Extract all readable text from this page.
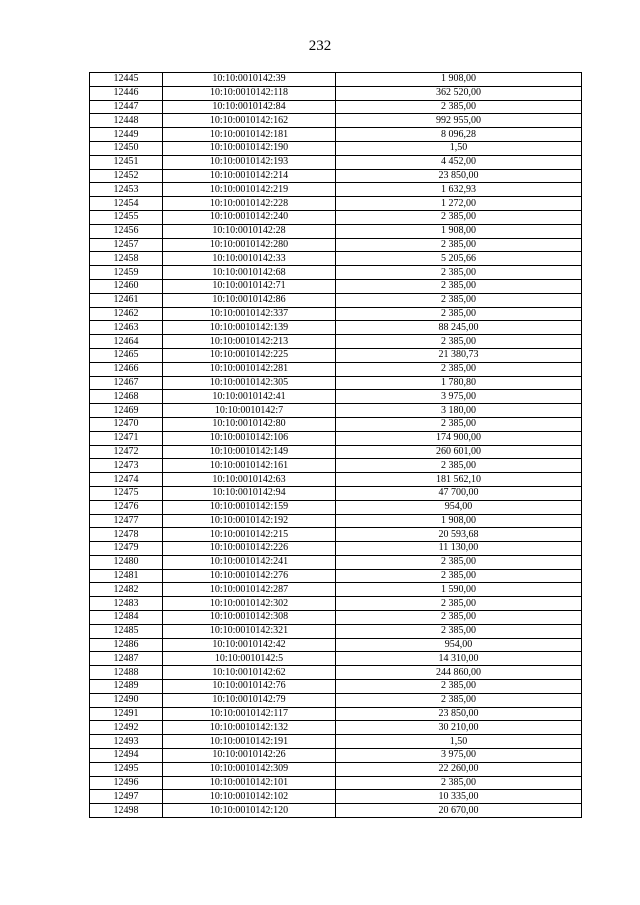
232
12445	10:10:0010142:39	1 908,00
12446	10:10:0010142:118	362 520,00
12447	10:10:0010142:84	2 385,00
12448	10:10:0010142:162	992 955,00
12449	10:10:0010142:181	8 096,28
12450	10:10:0010142:190	1,50
12451	10:10:0010142:193	4 452,00
12452	10:10:0010142:214	23 850,00
12453	10:10:0010142:219	1 632,93
12454	10:10:0010142:228	1 272,00
12455	10:10:0010142:240	2 385,00
12456	10:10:0010142:28	1 908,00
12457	10:10:0010142:280	2 385,00
12458	10:10:0010142:33	5 205,66
12459	10:10:0010142:68	2 385,00
12460	10:10:0010142:71	2 385,00
12461	10:10:0010142:86	2 385,00
12462	10:10:0010142:337	2 385,00
12463	10:10:0010142:139	88 245,00
12464	10:10:0010142:213	2 385,00
12465	10:10:0010142:225	21 380,73
12466	10:10:0010142:281	2 385,00
12467	10:10:0010142:305	1 780,80
12468	10:10:0010142:41	3 975,00
12469	10:10:0010142:7	3 180,00
12470	10:10:0010142:80	2 385,00
12471	10:10:0010142:106	174 900,00
12472	10:10:0010142:149	260 601,00
12473	10:10:0010142:161	2 385,00
12474	10:10:0010142:63	181 562,10
12475	10:10:0010142:94	47 700,00
12476	10:10:0010142:159	954,00
12477	10:10:0010142:192	1 908,00
12478	10:10:0010142:215	20 593,68
12479	10:10:0010142:226	11 130,00
12480	10:10:0010142:241	2 385,00
12481	10:10:0010142:276	2 385,00
12482	10:10:0010142:287	1 590,00
12483	10:10:0010142:302	2 385,00
12484	10:10:0010142:308	2 385,00
12485	10:10:0010142:321	2 385,00
12486	10:10:0010142:42	954,00
12487	10:10:0010142:5	14 310,00
12488	10:10:0010142:62	244 860,00
12489	10:10:0010142:76	2 385,00
12490	10:10:0010142:79	2 385,00
12491	10:10:0010142:117	23 850,00
12492	10:10:0010142:132	30 210,00
12493	10:10:0010142:191	1,50
12494	10:10:0010142:26	3 975,00
12495	10:10:0010142:309	22 260,00
12496	10:10:0010142:101	2 385,00
12497	10:10:0010142:102	10 335,00
12498	10:10:0010142:120	20 670,00
